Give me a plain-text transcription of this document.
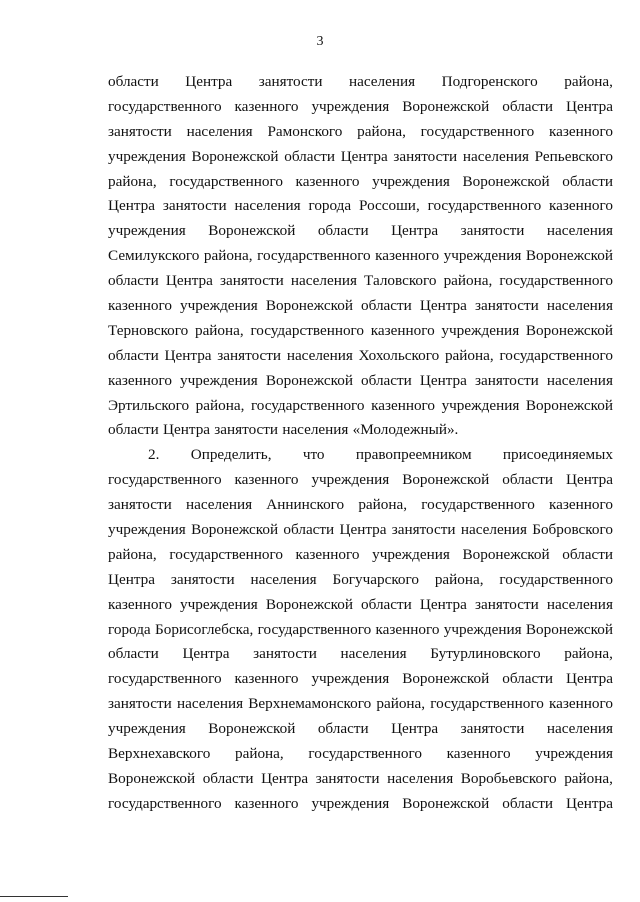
3
области Центра занятости населения Подгоренского района,
государственного казенного учреждения Воронежской области Центра
занятости населения Рамонского района, государственного казенного
учреждения Воронежской области Центра занятости населения Репьевского
района, государственного казенного учреждения Воронежской области
Центра занятости населения города Россоши, государственного казенного
учреждения Воронежской области Центра занятости населения
Семилукского района, государственного казенного учреждения Воронежской
области Центра занятости населения Таловского района, государственного
казенного учреждения Воронежской области Центра занятости населения
Терновского района, государственного казенного учреждения Воронежской
области Центра занятости населения Хохольского района, государственного
казенного учреждения Воронежской области Центра занятости населения
Эртильского района, государственного казенного учреждения Воронежской
области Центра занятости населения «Молодежный».
2. Определить, что правопреемником присоединяемых
государственного казенного учреждения Воронежской области Центра
занятости населения Аннинского района, государственного казенного
учреждения Воронежской области Центра занятости населения Бобровского
района, государственного казенного учреждения Воронежской области
Центра занятости населения Богучарского района, государственного
казенного учреждения Воронежской области Центра занятости населения
города Борисоглебска, государственного казенного учреждения Воронежской
области Центра занятости населения Бутурлиновского района,
государственного казенного учреждения Воронежской области Центра
занятости населения Верхнемамонского района, государственного казенного
учреждения Воронежской области Центра занятости населения
Верхнехавского района, государственного казенного учреждения
Воронежской области Центра занятости населения Воробьевского района,
государственного казенного учреждения Воронежской области Центра
